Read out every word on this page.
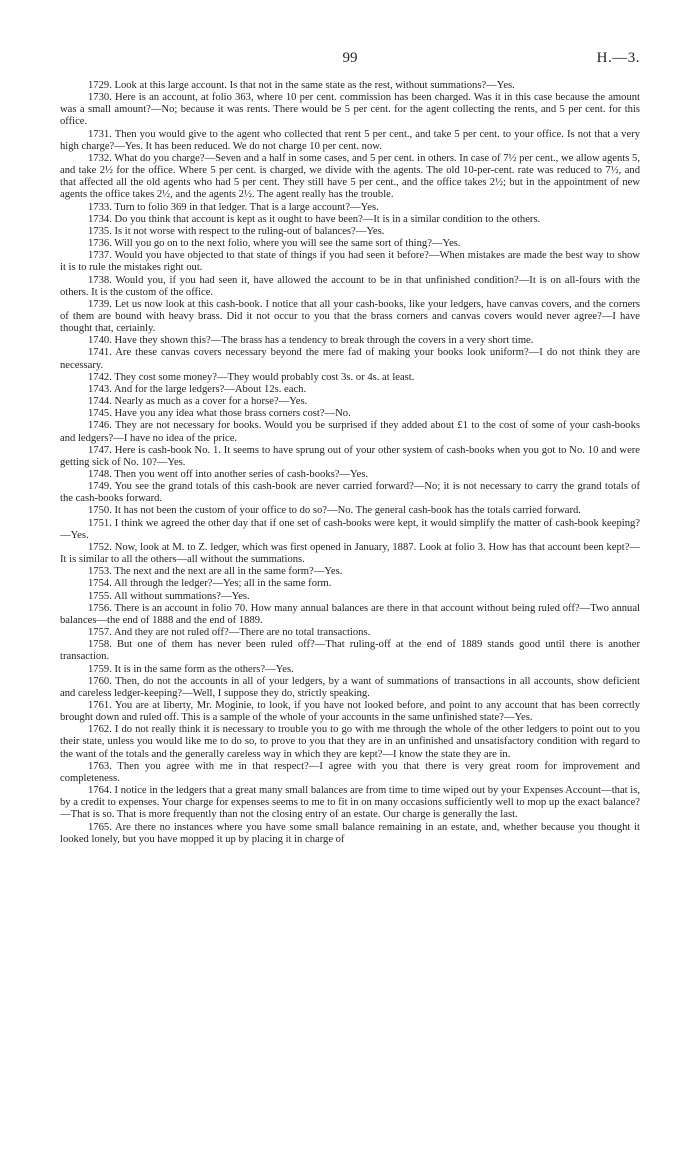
99	H.—3.

1729. Look at this large account. Is that not in the same state as the rest, without summations?—Yes.

1730. Here is an account, at folio 363, where 10 per cent. commission has been charged. Was it in this case because the amount was a small amount?—No; because it was rents. There would be 5 per cent. for the agent collecting the rents, and 5 per cent. for this office.

1731. Then you would give to the agent who collected that rent 5 per cent., and take 5 per cent. to your office. Is not that a very high charge?—Yes. It has been reduced. We do not charge 10 per cent. now.

1732. What do you charge?—Seven and a half in some cases, and 5 per cent. in others. In case of 7½ per cent., we allow agents 5, and take 2½ for the office. Where 5 per cent. is charged, we divide with the agents. The old 10-per-cent. rate was reduced to 7½, and that affected all the old agents who had 5 per cent. They still have 5 per cent., and the office takes 2½; but in the appointment of new agents the office takes 2½, and the agents 2½. The agent really has the trouble.

1733. Turn to folio 369 in that ledger. That is a large account?—Yes.

1734. Do you think that account is kept as it ought to have been?—It is in a similar condition to the others.

1735. Is it not worse with respect to the ruling-out of balances?—Yes.

1736. Will you go on to the next folio, where you will see the same sort of thing?—Yes.

1737. Would you have objected to that state of things if you had seen it before?—When mistakes are made the best way to show it is to rule the mistakes right out.

1738. Would you, if you had seen it, have allowed the account to be in that unfinished condition?—It is on all-fours with the others. It is the custom of the office.

1739. Let us now look at this cash-book. I notice that all your cash-books, like your ledgers, have canvas covers, and the corners of them are bound with heavy brass. Did it not occur to you that the brass corners and canvas covers would never agree?—I have thought that, certainly.

1740. Have they shown this?—The brass has a tendency to break through the covers in a very short time.

1741. Are these canvas covers necessary beyond the mere fad of making your books look uniform?—I do not think they are necessary.

1742. They cost some money?—They would probably cost 3s. or 4s. at least.

1743. And for the large ledgers?—About 12s. each.

1744. Nearly as much as a cover for a horse?—Yes.

1745. Have you any idea what those brass corners cost?—No.

1746. They are not necessary for books. Would you be surprised if they added about £1 to the cost of some of your cash-books and ledgers?—I have no idea of the price.

1747. Here is cash-book No. 1. It seems to have sprung out of your other system of cash-books when you got to No. 10 and were getting sick of No. 10?—Yes.

1748. Then you went off into another series of cash-books?—Yes.

1749. You see the grand totals of this cash-book are never carried forward?—No; it is not necessary to carry the grand totals of the cash-books forward.

1750. It has not been the custom of your office to do so?—No. The general cash-book has the totals carried forward.

1751. I think we agreed the other day that if one set of cash-books were kept, it would simplify the matter of cash-book keeping?—Yes.

1752. Now, look at M. to Z. ledger, which was first opened in January, 1887. Look at folio 3. How has that account been kept?—It is similar to all the others—all without the summations.

1753. The next and the next are all in the same form?—Yes.

1754. All through the ledger?—Yes; all in the same form.

1755. All without summations?—Yes.

1756. There is an account in folio 70. How many annual balances are there in that account without being ruled off?—Two annual balances—the end of 1888 and the end of 1889.

1757. And they are not ruled off?—There are no total transactions.

1758. But one of them has never been ruled off?—That ruling-off at the end of 1889 stands good until there is another transaction.

1759. It is in the same form as the others?—Yes.

1760. Then, do not the accounts in all of your ledgers, by a want of summations of transactions in all accounts, show deficient and careless ledger-keeping?—Well, I suppose they do, strictly speaking.

1761. You are at liberty, Mr. Moginie, to look, if you have not looked before, and point to any account that has been correctly brought down and ruled off. This is a sample of the whole of your accounts in the same unfinished state?—Yes.

1762. I do not really think it is necessary to trouble you to go with me through the whole of the other ledgers to point out to you their state, unless you would like me to do so, to prove to you that they are in an unfinished and unsatisfactory condition with regard to the want of the totals and the generally careless way in which they are kept?—I know the state they are in.

1763. Then you agree with me in that respect?—I agree with you that there is very great room for improvement and completeness.

1764. I notice in the ledgers that a great many small balances are from time to time wiped out by your Expenses Account—that is, by a credit to expenses. Your charge for expenses seems to me to fit in on many occasions sufficiently well to mop up the exact balance?—That is so. That is more frequently than not the closing entry of an estate. Our charge is generally the last.

1765. Are there no instances where you have some small balance remaining in an estate, and, whether because you thought it looked lonely, but you have mopped it up by placing it in charge of
